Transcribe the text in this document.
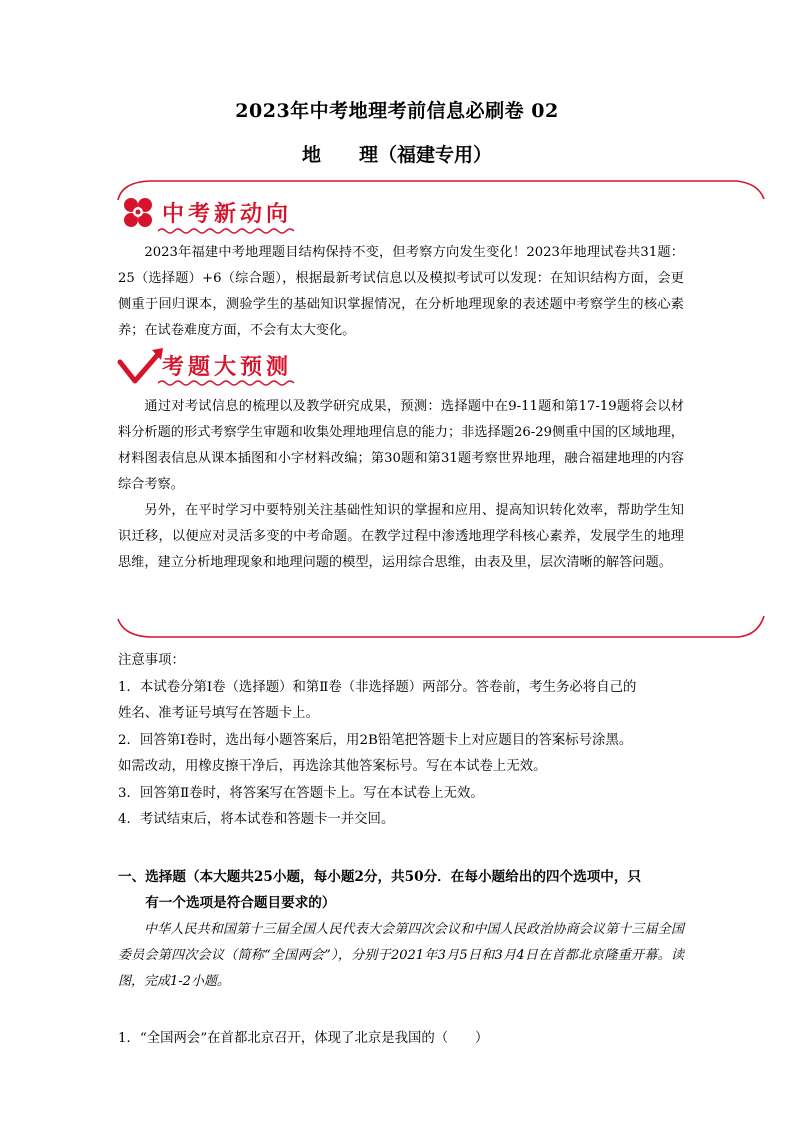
2023年中考地理考前信息必刷卷 02
地　　理（福建专用）
中考新动向
2023年福建中考地理题目结构保持不变，但考察方向发生变化！2023年地理试卷共31题：25（选择题）+6（综合题），根据最新考试信息以及模拟考试可以发现：在知识结构方面，会更侧重于回归课本，测验学生的基础知识掌握情况，在分析地理现象的表述题中考察学生的核心素养；在试卷难度方面，不会有太大变化。
考题大预测
通过对考试信息的梳理以及教学研究成果，预测：选择题中在9-11题和第17-19题将会以材料分析题的形式考察学生审题和收集处理地理信息的能力；非选择题26-29侧重中国的区域地理，材料图表信息从课本插图和小字材料改编；第30题和第31题考察世界地理，融合福建地理的内容综合考察。
另外，在平时学习中要特别关注基础性知识的掌握和应用、提高知识转化效率，帮助学生知识迁移，以便应对灵活多变的中考命题。在教学过程中渗透地理学科核心素养，发展学生的地理思维，建立分析地理现象和地理问题的模型，运用综合思维，由表及里，层次清晰的解答问题。

注意事项：

1．本试卷分第Ⅰ卷（选择题）和第Ⅱ卷（非选择题）两部分。答卷前，考生务必将自己的

姓名、准考证号填写在答题卡上。

2．回答第Ⅰ卷时，选出每小题答案后，用2B铅笔把答题卡上对应题目的答案标号涂黑。

如需改动，用橡皮擦干净后，再选涂其他答案标号。写在本试卷上无效。

3．回答第Ⅱ卷时，将答案写在答题卡上。写在本试卷上无效。

4．考试结束后，将本试卷和答题卡一并交回。

一、选择题（本大题共25小题，每小题2分，共50分．在每小题给出的四个选项中，只
有一个选项是符合题目要求的）
中华人民共和国第十三届全国人民代表大会第四次会议和中国人民政治协商会议第十三届全国委员会第四次会议（简称“全国两会”），分别于2021年3月5日和3月4日在首都北京隆重开幕。读图，完成1-2小题。
1．“全国两会”在首都北京召开，体现了北京是我国的（　　）
